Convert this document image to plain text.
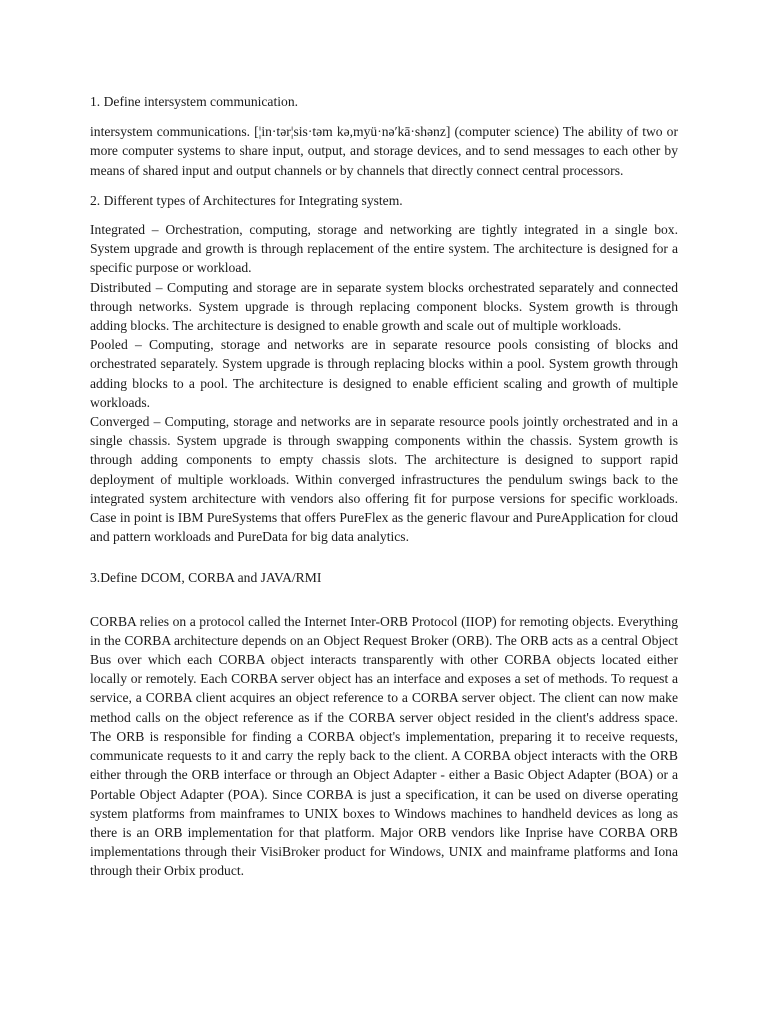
1. Define intersystem communication.

intersystem communications. [¦in·tər¦sis·təm kə,myü·nə′kā·shənz] (computer science) The ability of two or more computer systems to share input, output, and storage devices, and to send messages to each other by means of shared input and output channels or by channels that directly connect central processors.

2. Different types of Architectures for Integrating system.

Integrated – Orchestration, computing, storage and networking are tightly integrated in a single box. System upgrade and growth is through replacement of the entire system. The architecture is designed for a specific purpose or workload.

Distributed – Computing and storage are in separate system blocks orchestrated separately and connected through networks. System upgrade is through replacing component blocks. System growth is through adding blocks. The architecture is designed to enable growth and scale out of multiple workloads.

Pooled – Computing, storage and networks are in separate resource pools consisting of blocks and orchestrated separately. System upgrade is through replacing blocks within a pool. System growth through adding blocks to a pool. The architecture is designed to enable efficient scaling and growth of multiple workloads.

Converged – Computing, storage and networks are in separate resource pools jointly orchestrated and in a single chassis. System upgrade is through swapping components within the chassis. System growth is through adding components to empty chassis slots. The architecture is designed to support rapid deployment of multiple workloads. Within converged infrastructures the pendulum swings back to the integrated system architecture with vendors also offering fit for purpose versions for specific workloads. Case in point is IBM PureSystems that offers PureFlex as the generic flavour and PureApplication for cloud and pattern workloads and PureData for big data analytics.

3.Define DCOM, CORBA and JAVA/RMI

CORBA relies on a protocol called the Internet Inter-ORB Protocol (IIOP) for remoting objects. Everything in the CORBA architecture depends on an Object Request Broker (ORB). The ORB acts as a central Object Bus over which each CORBA object interacts transparently with other CORBA objects located either locally or remotely. Each CORBA server object has an interface and exposes a set of methods. To request a service, a CORBA client acquires an object reference to a CORBA server object. The client can now make method calls on the object reference as if the CORBA server object resided in the client's address space. The ORB is responsible for finding a CORBA object's implementation, preparing it to receive requests, communicate requests to it and carry the reply back to the client. A CORBA object interacts with the ORB either through the ORB interface or through an Object Adapter - either a Basic Object Adapter (BOA) or a Portable Object Adapter (POA). Since CORBA is just a specification, it can be used on diverse operating system platforms from mainframes to UNIX boxes to Windows machines to handheld devices as long as there is an ORB implementation for that platform. Major ORB vendors like Inprise have CORBA ORB implementations through their VisiBroker product for Windows, UNIX and mainframe platforms and Iona through their Orbix product.
